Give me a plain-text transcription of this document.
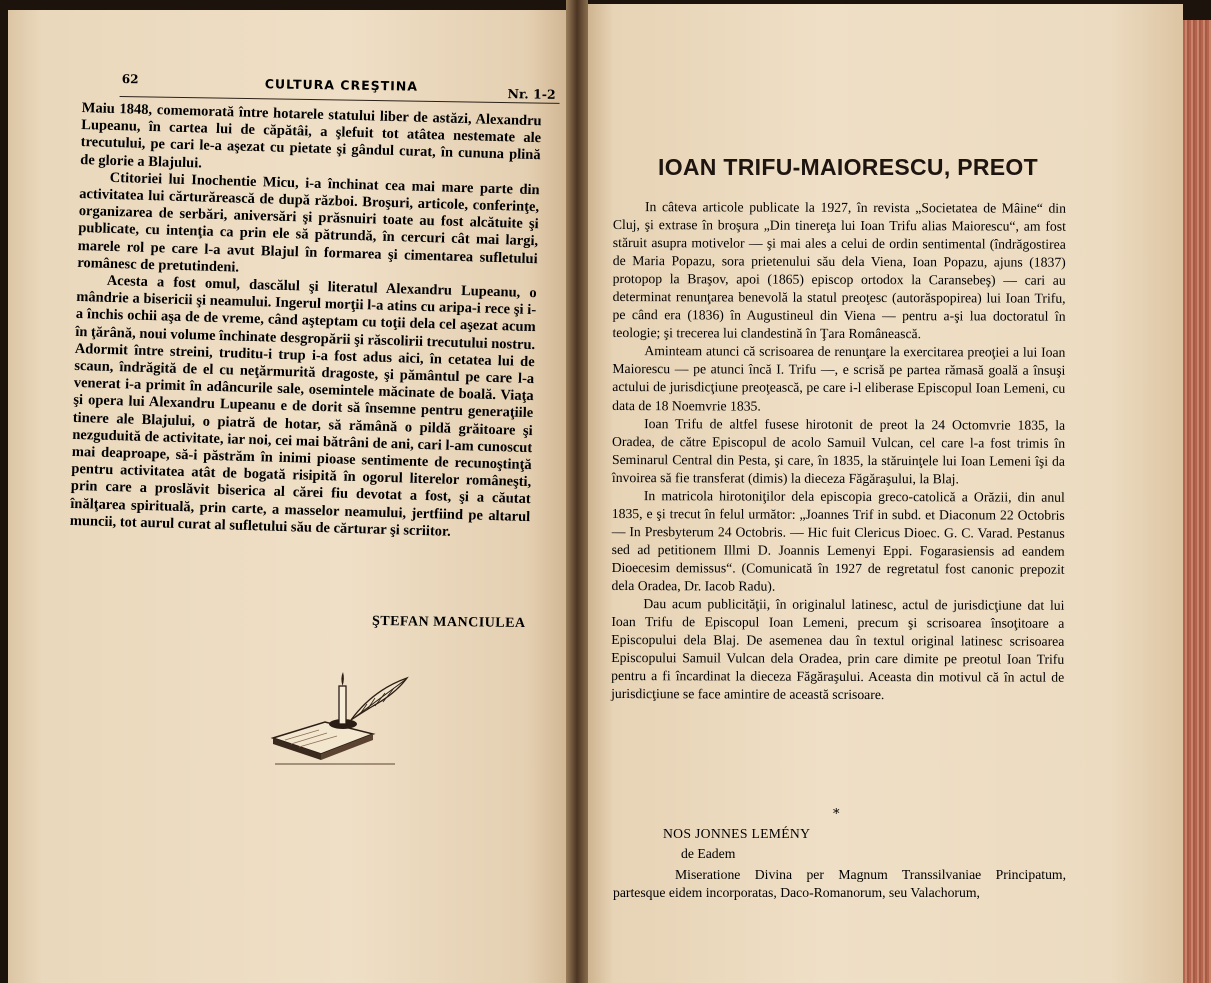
62	CULTURA CREŞTINA
Nr. 1-2

Maiu 1848, comemorată între hotarele statului liber de astăzi, Alexandru Lupeanu, în cartea lui de căpătâi, a şlefuit tot atâtea nestemate ale trecutului, pe cari le-a aşezat cu pietate şi gândul curat, în cununa plină de glorie a Blajului.

Ctitoriei lui Inochentie Micu, i-a închinat cea mai mare parte din activitatea lui cărturărească de după război. Broşuri, articole, conferinţe, organizarea de serbări, aniversări şi prăsnuiri toate au fost alcătuite şi publicate, cu intenţia ca prin ele să pătrundă, în cercuri cât mai largi, marele rol pe care l-a avut Blajul în formarea şi cimentarea sufletului românesc de pretutindeni.

Acesta a fost omul, dascălul şi literatul Alexandru Lupeanu, o mândrie a bisericii şi neamului. Ingerul morţii l-a atins cu aripa-i rece şi i-a închis ochii aşa de de vreme, când aşteptam cu toţii dela cel aşezat acum în ţărână, noui volume închinate desgropării şi răscolirii trecutului nostru. Adormit între streini, truditu-i trup i-a fost adus aici, în cetatea lui de scaun, îndrăgită de el cu neţărmurită dragoste, şi pământul pe care l-a venerat i-a primit în adâncurile sale, osemintele măcinate de boală. Viaţa şi opera lui Alexandru Lupeanu e de dorit să însemne pentru generaţiile tinere ale Blajului, o piatră de hotar, să rămână o pildă grăitoare şi nezguduită de activitate, iar noi, cei mai bătrâni de ani, cari l-am cunoscut mai deaproape, să-i păstrăm în inimi pioase sentimente de recunoştinţă pentru activitatea atât de bogată risipită în ogorul literelor româneşti, prin care a proslăvit biserica al cărei fiu devotat a fost, şi a căutat înălţarea spirituală, prin carte, a masselor neamului, jertfiind pe altarul muncii, tot aurul curat al sufletului său de cărturar şi scriitor.

ŞTEFAN MANCIULEA
IOAN TRIFU-MAIORESCU, PREOT

In câteva articole publicate la 1927, în revista „Societatea de Mâine“ din Cluj, şi extrase în broşura „Din tinereţa lui Ioan Trifu alias Maiorescu“, am fost stăruit asupra motivelor — şi mai ales a celui de ordin sentimental (îndrăgostirea de Maria Popazu, sora prietenului său dela Viena, Ioan Popazu, ajuns (1837) protopop la Braşov, apoi (1865) episcop ortodox la Caransebeş) — cari au determinat renunţarea benevolă la statul preoţesc (autorăspopirea) lui Ioan Trifu, pe când era (1836) în Augustineul din Viena — pentru a-şi lua doctoratul în teologie; şi trecerea lui clandestină în Ţara Românească.

Aminteam atunci că scrisoarea de renunţare la exercitarea preoţiei a lui Ioan Maiorescu — pe atunci încă I. Trifu —, e scrisă pe partea rămasă goală a însuşi actului de jurisdicţiune preoţească, pe care i-l eliberase Episcopul Ioan Lemeni, cu data de 18 Noemvrie 1835.

Ioan Trifu de altfel fusese hirotonit de preot la 24 Octomvrie 1835, la Oradea, de către Episcopul de acolo Samuil Vulcan, cel care l-a fost trimis în Seminarul Central din Pesta, şi care, în 1835, la stăruinţele lui Ioan Lemeni îşi da învoirea să fie transferat (dimis) la dieceza Făgăraşului, la Blaj.

In matricola hirotoniţilor dela episcopia greco-catolică a Orăzii, din anul 1835, e şi trecut în felul următor: „Joannes Trif in subd. et Diaconum 22 Octobris — In Presbyterum 24 Octobris. — Hic fuit Clericus Dioec. G. C. Varad. Pestanus sed ad petitionem Illmi D. Joannis Lemenyi Eppi. Fogarasiensis ad eandem Dioecesim demissus“. (Comunicată în 1927 de regretatul fost canonic prepozit dela Oradea, Dr. Iacob Radu).

Dau acum publicităţii, în originalul latinesc, actul de jurisdicţiune dat lui Ioan Trifu de Episcopul Ioan Lemeni, precum şi scrisoarea însoţitoare a Episcopului dela Blaj. De asemenea dau în textul original latinesc scrisoarea Episcopului Samuil Vulcan dela Oradea, prin care dimite pe preotul Ioan Trifu pentru a fi încardinat la dieceza Făgăraşului. Aceasta din motivul că în actul de jurisdicţiune se face amintire de această scrisoare.

*
NOS JONNES LEMÉNY
de Eadem

Miseratione Divina per Magnum Transsilvaniae Principatum, partesque eidem incorporatas, Daco-Romanorum, seu Valachorum,
